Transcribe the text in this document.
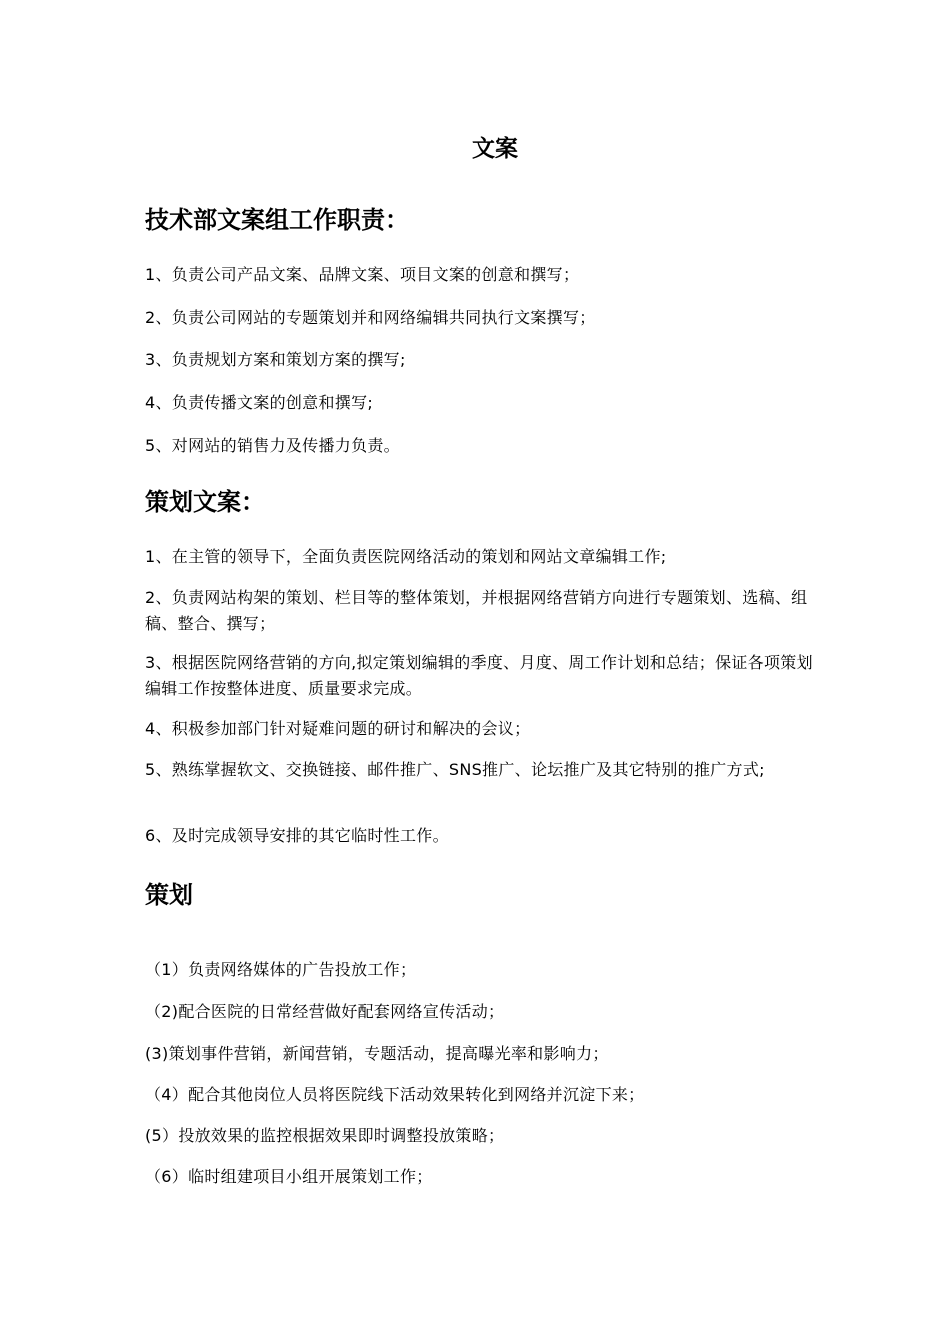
文案
技术部文案组工作职责：

1、负责公司产品文案、品牌文案、项目文案的创意和撰写；

2、负责公司网站的专题策划并和网络编辑共同执行文案撰写；

3、负责规划方案和策划方案的撰写;

4、负责传播文案的创意和撰写;

5、对网站的销售力及传播力负责。

策划文案：

1、在主管的领导下，全面负责医院网络活动的策划和网站文章编辑工作;

2、负责网站构架的策划、栏目等的整体策划，并根据网络营销方向进行专题策划、选稿、组稿、整合、撰写；

3、根据医院网络营销的方向,拟定策划编辑的季度、月度、周工作计划和总结；保证各项策划编辑工作按整体进度、质量要求完成。

4、积极参加部门针对疑难问题的研讨和解决的会议；

5、熟练掌握软文、交换链接、邮件推广、SNS推广、论坛推广及其它特别的推广方式;

6、及时完成领导安排的其它临时性工作。

策划

（1）负责网络媒体的广告投放工作；

（2)配合医院的日常经营做好配套网络宣传活动；

(3)策划事件营销，新闻营销，专题活动，提高曝光率和影响力；

（4）配合其他岗位人员将医院线下活动效果转化到网络并沉淀下来；

(5）投放效果的监控根据效果即时调整投放策略；

（6）临时组建项目小组开展策划工作；
